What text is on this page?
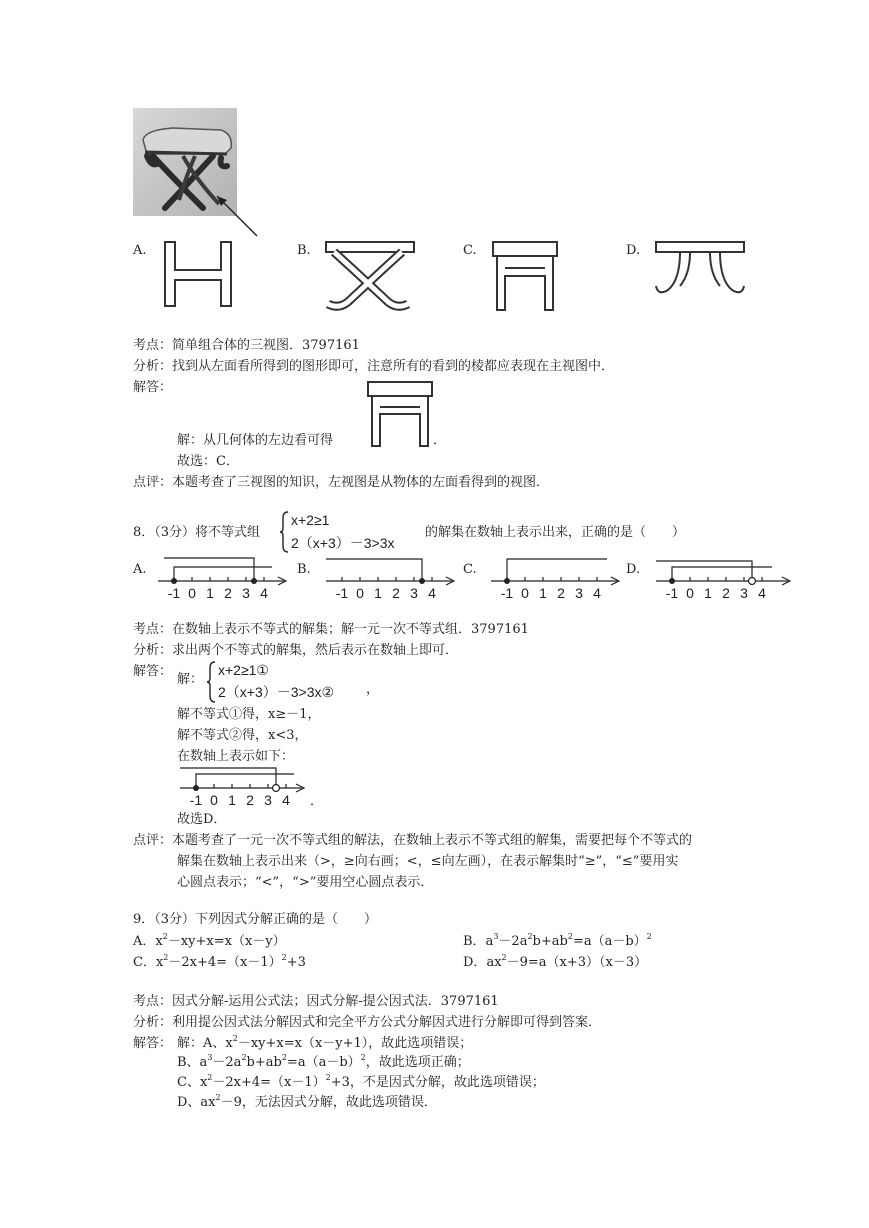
A.	B.	C.	D.
考点：简单组合体的三视图．3797161
分析：找到从左面看所得到的图形即可，注意所有的看到的棱都应表现在主视图中．
解答：
解：从几何体的左边看可得	．
故选：C．
点评：本题考查了三视图的知识，左视图是从物体的左面看得到的视图．
8．（3分）将不等式组
x+2≥1
2（x+3）－3>3x
的解集在数轴上表示出来，正确的是（　　）
A.	B.	C.	D.
-1 0 1 2 3 4	-1 0 1 2 3 4	-1 0 1 2 3 4	-1 0 1 2 3 4
考点：在数轴上表示不等式的解集；解一元一次不等式组．3797161
分析：求出两个不等式的解集，然后表示在数轴上即可．
解答：
解：
x+2≥1①
2（x+3）－3>3x② ，
解不等式①得，x≥－1，
解不等式②得，x<3，
在数轴上表示如下：
-1 0 1 2 3 4 ．
故选D．
点评：本题考查了一元一次不等式组的解法，在数轴上表示不等式组的解集，需要把每个不等式的
解集在数轴上表示出来（>，≥向右画；<，≤向左画），在表示解集时“≥”，“≤”要用实
心圆点表示；“<”，“>”要用空心圆点表示．
9．（3分）下列因式分解正确的是（　　）
A．$x^2-xy+x=x(x-y)$	B．$a^3-2a^2b+ab^2=a(a-b)^2$
C．$x^2-2x+4=(x-1)^2+3$	D．$ax^2-9=a(x+3)(x-3)$
考点：因式分解-运用公式法；因式分解-提公因式法．3797161
分析：利用提公因式法分解因式和完全平方公式分解因式进行分解即可得到答案．
解答： 解：A、$x^2-xy+x=x(x-y+1)$，故此选项错误；
B、$a^3-2a^2b+ab^2=a(a-b)^2$，故此选项正确；
C、$x^2-2x+4=(x-1)^2+3$，不是因式分解，故此选项错误；
D、$ax^2-9$，无法因式分解，故此选项错误．
